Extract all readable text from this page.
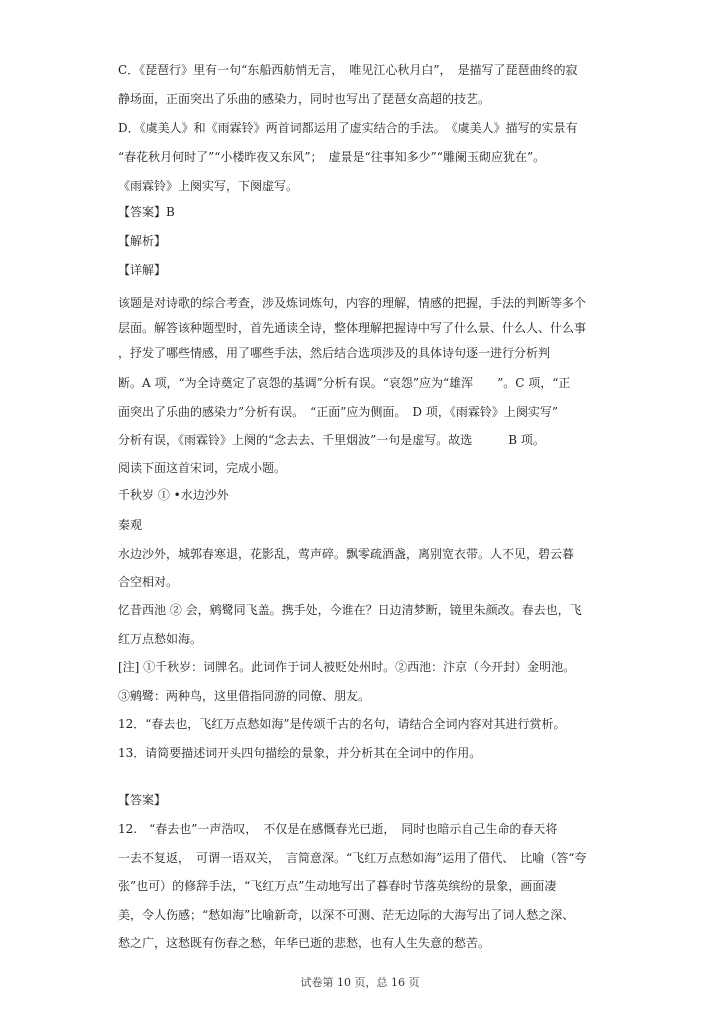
C．《琵琶行》里有一句“东船西舫悄无言，　唯见江心秋月白”，　是描写了琵琶曲终的寂
静场面，正面突出了乐曲的感染力，同时也写出了琵琶女高超的技艺。
D．《虞美人》和《雨霖铃》两首词都运用了虚实结合的手法。　《虞美人》描写的实景有
“春花秋月何时了”“小楼昨夜又东风”；　虚景是“往事知多少”“雕阑玉砌应犹在”。
《雨霖铃》上阕实写，下阕虚写。
【答案】B
【解析】
【详解】
该题是对诗歌的综合考查，涉及炼词炼句，内容的理解，情感的把握，手法的判断等多个
层面。解答该种题型时，首先通读全诗，整体理解把握诗中写了什么景、什么人、什么事
，抒发了哪些情感，用了哪些手法，然后结合选项涉及的具体诗句逐一进行分析判
断。A 项，“为全诗奠定了哀怨的基调”分析有误。“哀怨”应为“雄浑　　”。C 项，“正
面突出了乐曲的感染力”分析有误。　“正面”应为侧面。　D 项，《雨霖铃》上阕实写”
分析有误，《雨霖铃》上阕的“念去去、千里烟波”一句是虚写。故选　　　B 项。
阅读下面这首宋词，完成小题。
千秋岁 ① •水边沙外
秦观
水边沙外，城郭春寒退，花影乱，莺声碎。飘零疏酒盏，离别宽衣带。人不见，碧云暮
合空相对。
忆昔西池 ② 会，鹓鹭同飞盖。携手处，今谁在？日边清梦断，镜里朱颜改。春去也，飞
红万点愁如海。
[注] ①千秋岁：词牌名。此词作于词人被贬处州时。②西池：汴京（今开封）金明池。
③鹓鹭：两种鸟，这里借指同游的同僚、朋友。
12．“春去也，飞红万点愁如海”是传颂千古的名句，请结合全词内容对其进行赏析。
13．请简要描述词开头四句描绘的景象，并分析其在全词中的作用。
【答案】
12.　“春去也”一声浩叹，　不仅是在感慨春光已逝，　同时也暗示自己生命的春天将
一去不复返，　可谓一语双关，　言简意深。“飞红万点愁如海”运用了借代、　比喻（答“夸
张”也可）的修辞手法，“飞红万点”生动地写出了暮春时节落英缤纷的景象，画面凄
美，令人伤感；“愁如海”比喻新奇，以深不可测、茫无边际的大海写出了词人愁之深、
愁之广，这愁既有伤春之愁，年华已逝的悲愁，也有人生失意的愁苦。
试卷第 10 页，总 16 页
